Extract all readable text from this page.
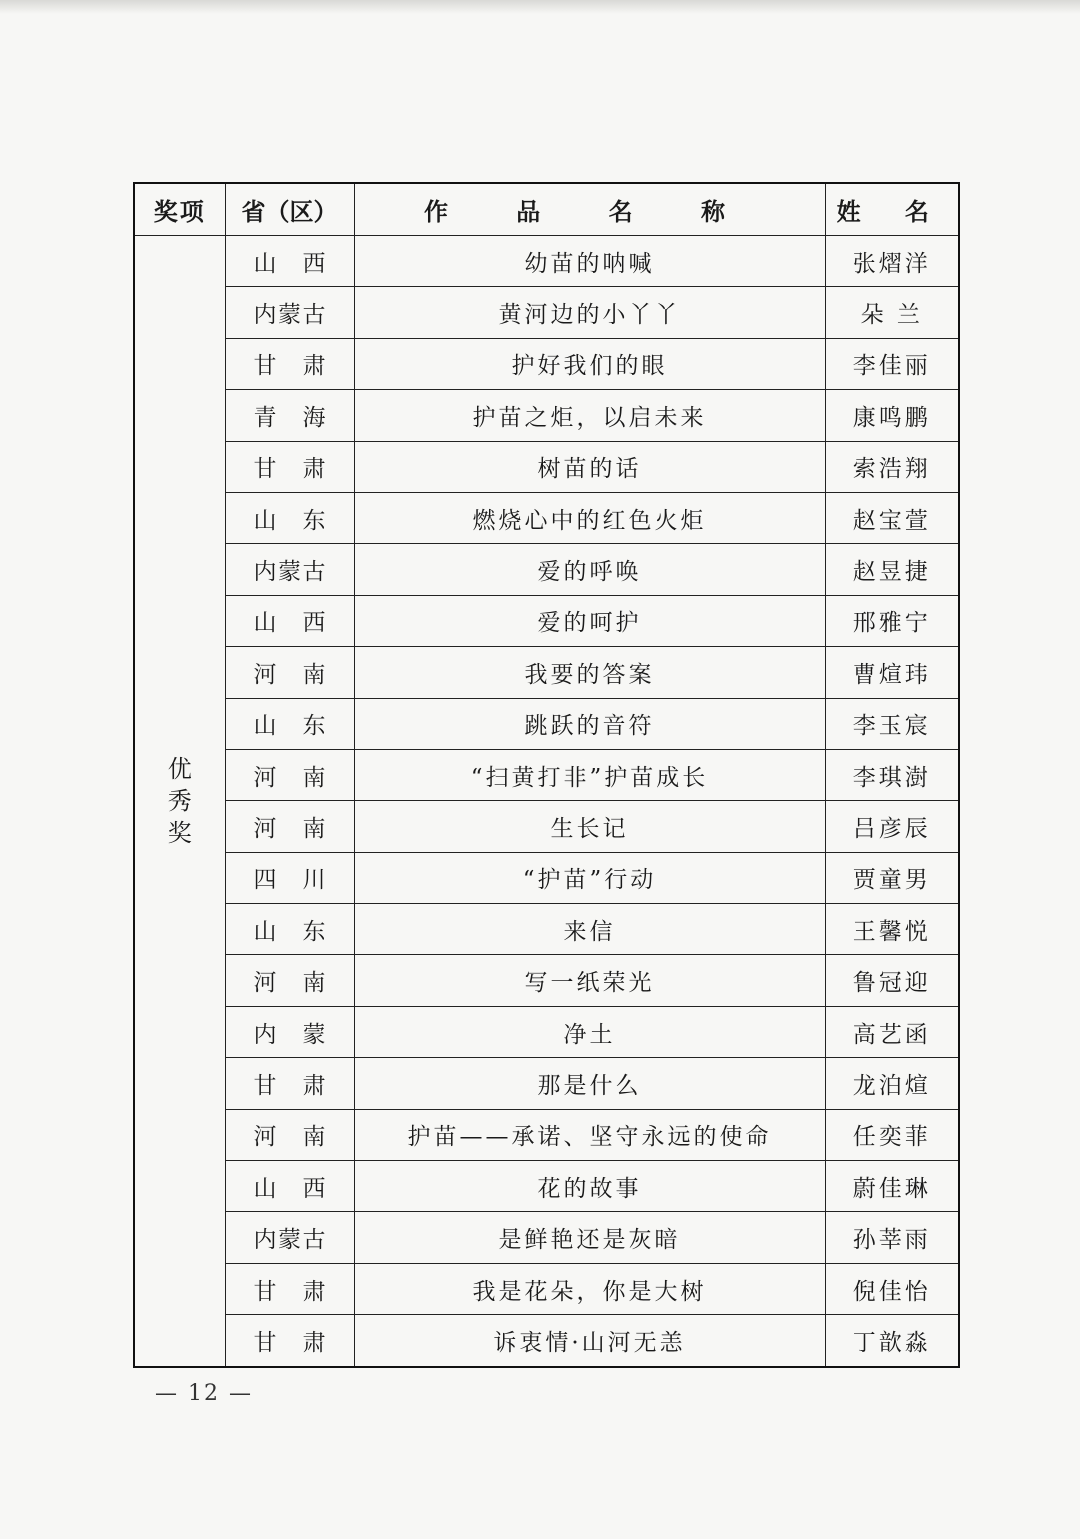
奖项	省（区）	作 品 名 称	姓 名

优秀奖	山 西	幼苗的呐喊	张熠洋
	内蒙古	黄河边的小丫丫	朵 兰
	甘 肃	护好我们的眼	李佳丽
	青 海	护苗之炬，以启未来	康鸣鹏
	甘 肃	树苗的话	索浩翔
	山 东	燃烧心中的红色火炬	赵宝萱
	内蒙古	爱的呼唤	赵昱捷
	山 西	爱的呵护	邢雅宁
	河 南	我要的答案	曹煊玮
	山 东	跳跃的音符	李玉宸
	河 南	“扫黄打非”护苗成长	李琪澍
	河 南	生长记	吕彦辰
	四 川	“护苗”行动	贾童男
	山 东	来信	王馨悦
	河 南	写一纸荣光	鲁冠迎
	内 蒙	净土	高艺函
	甘 肃	那是什么	龙泊煊
	河 南	护苗——承诺、坚守永远的使命	任奕菲
	山 西	花的故事	蔚佳琳
	内蒙古	是鲜艳还是灰暗	孙莘雨
	甘 肃	我是花朵，你是大树	倪佳怡
	甘 肃	诉衷情·山河无恙	丁歆淼
— 12 —
